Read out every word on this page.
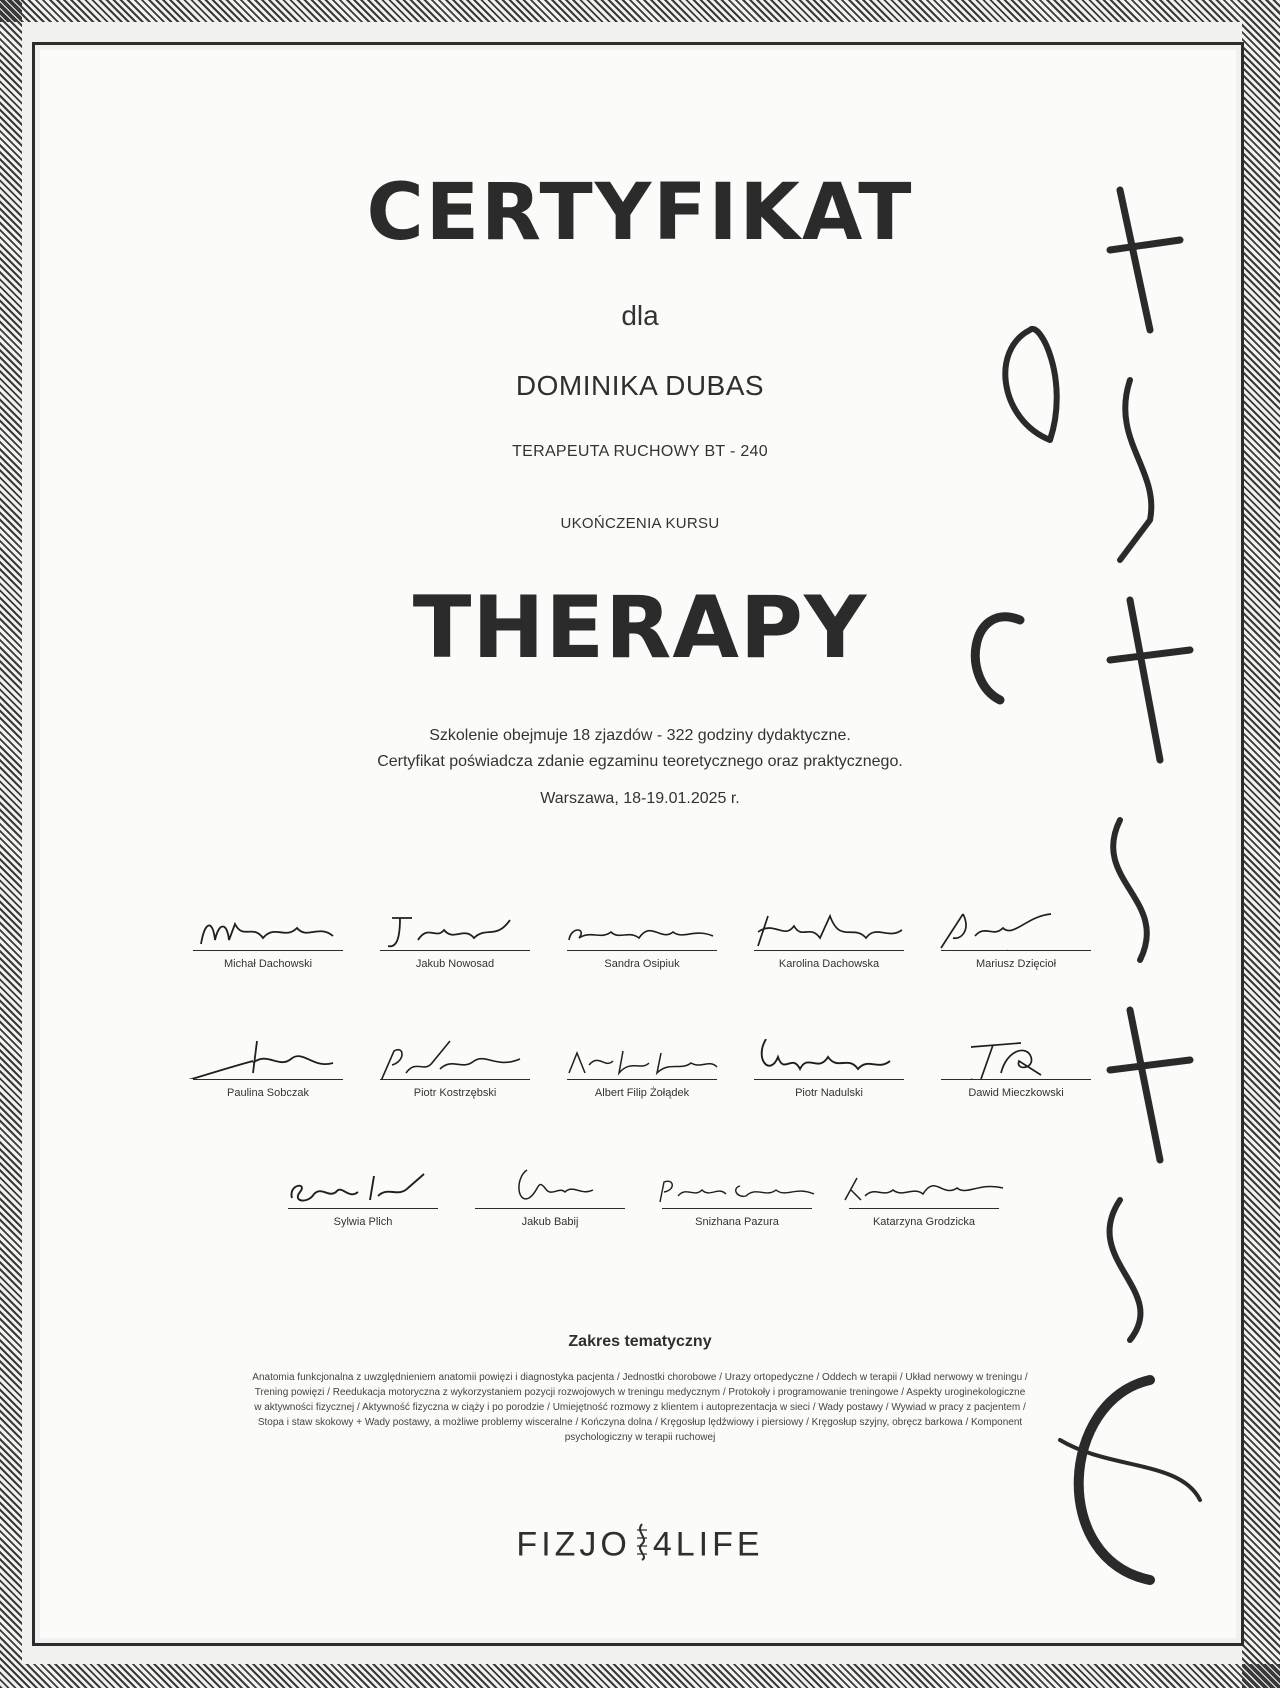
CERTYFIKAT
dla
DOMINIKA DUBAS
TERAPEUTA RUCHOWY BT - 240
UKOŃCZENIA KURSU
THERAPY
Szkolenie obejmuje 18 zjazdów - 322 godziny dydaktyczne.
Certyfikat poświadcza zdanie egzaminu teoretycznego oraz praktycznego.
Warszawa, 18-19.01.2025 r.
Michał Dachowski	Jakub Nowosad	Sandra Osipiuk	Karolina Dachowska	Mariusz Dzięcioł
Paulina Sobczak	Piotr Kostrzębski	Albert Filip Żołądek	Piotr Nadulski	Dawid Mieczkowski
Sylwia Plich	Jakub Babij	Snizhana Pazura	Katarzyna Grodzicka
Zakres tematyczny
Anatomia funkcjonalna z uwzględnieniem anatomii powięzi i diagnostyka pacjenta / Jednostki chorobowe / Urazy ortopedyczne / Oddech w terapii / Układ nerwowy w treningu / Trening powięzi / Reedukacja motoryczna z wykorzystaniem pozycji rozwojowych w treningu medycznym / Protokoły i programowanie treningowe / Aspekty uroginekologiczne w aktywności fizycznej / Aktywność fizyczna w ciąży i po porodzie / Umiejętność rozmowy z klientem i autoprezentacja w sieci / Wady postawy / Wywiad w pracy z pacjentem / Stopa i staw skokowy + Wady postawy, a możliwe problemy wisceralne / Kończyna dolna / Kręgosłup lędźwiowy i piersiowy / Kręgosłup szyjny, obręcz barkowa / Komponent psychologiczny w terapii ruchowej
FIZJO 4LIFE
